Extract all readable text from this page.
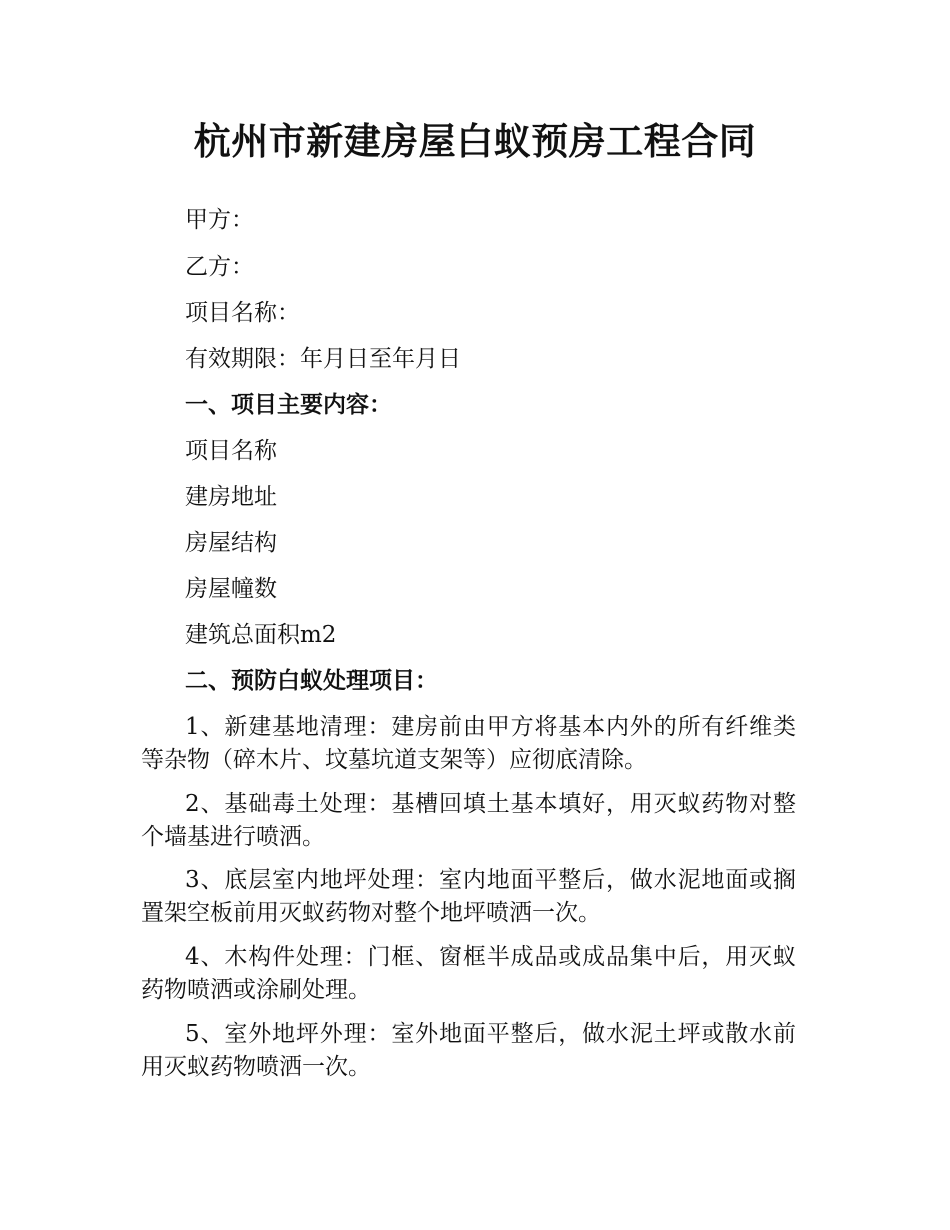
杭州市新建房屋白蚁预房工程合同

甲方：

乙方：

项目名称：

有效期限：年月日至年月日

一、项目主要内容：

项目名称

建房地址

房屋结构

房屋幢数

建筑总面积m2

二、预防白蚁处理项目：

1、新建基地清理：建房前由甲方将基本内外的所有纤维类等杂物（碎木片、坟墓坑道支架等）应彻底清除。

2、基础毒土处理：基槽回填土基本填好，用灭蚁药物对整个墙基进行喷洒。

3、底层室内地坪处理：室内地面平整后，做水泥地面或搁置架空板前用灭蚁药物对整个地坪喷洒一次。

4、木构件处理：门框、窗框半成品或成品集中后，用灭蚁药物喷洒或涂刷处理。

5、室外地坪外理：室外地面平整后，做水泥土坪或散水前用灭蚁药物喷洒一次。
